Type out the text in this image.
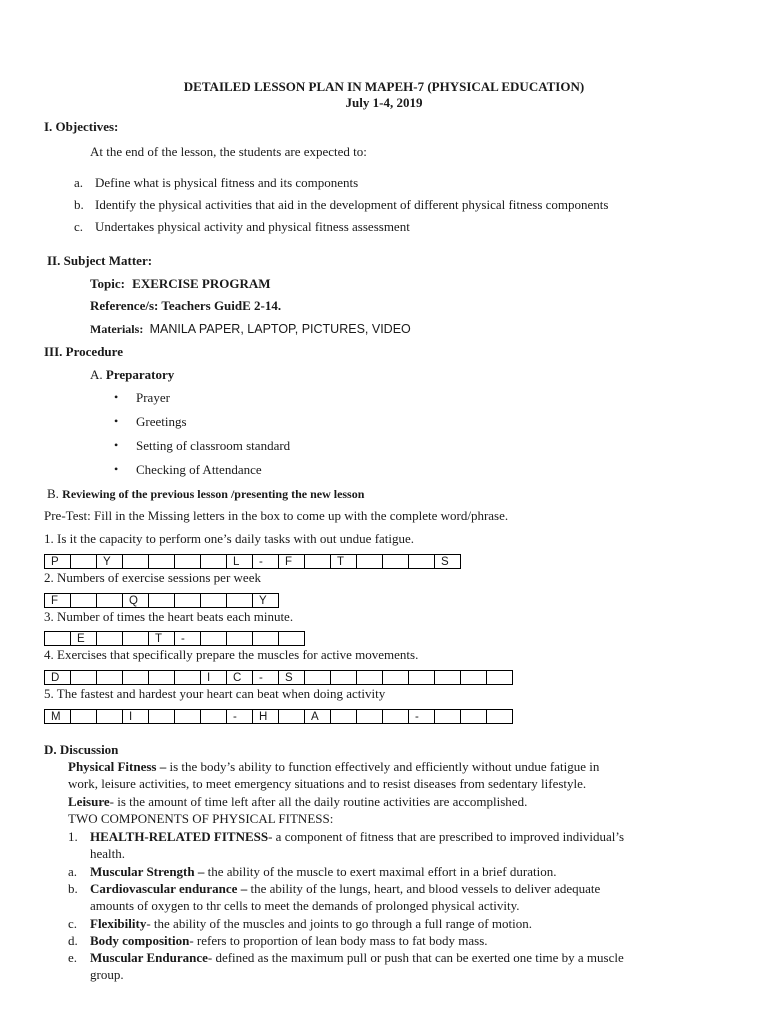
DETAILED LESSON PLAN IN MAPEH-7 (PHYSICAL EDUCATION)
July 1-4, 2019
I. Objectives:
At the end of the lesson, the students are expected to:
a. Define what is physical fitness and its components
b. Identify the physical activities that aid in the development of different physical fitness components
c. Undertakes physical activity and physical fitness assessment
II. Subject Matter:
Topic: EXERCISE PROGRAM
Reference/s: Teachers GuidE 2-14.
Materials: MANILA PAPER, LAPTOP, PICTURES, VIDEO
III. Procedure
A. Preparatory
• Prayer
• Greetings
• Setting of classroom standard
• Checking of Attendance
B. Reviewing of the previous lesson /presenting the new lesson
Pre-Test: Fill in the Missing letters in the box to come up with the complete word/phrase.
1. Is it the capacity to perform one’s daily tasks with out undue fatigue.
P	Y	L	-	F	T	S
2. Numbers of exercise sessions per week
F	Q	Y
3. Number of times the heart beats each minute.
E	T	-
4. Exercises that specifically prepare the muscles for active movements.
D	I	C	-	S
5. The fastest and hardest your heart can beat when doing activity
M	I	-	H	A	-
D. Discussion
Physical Fitness – is the body’s ability to function effectively and efficiently without undue fatigue in
work, leisure activities, to meet emergency situations and to resist diseases from sedentary lifestyle.
Leisure- is the amount of time left after all the daily routine activities are accomplished.
TWO COMPONENTS OF PHYSICAL FITNESS:
1. HEALTH-RELATED FITNESS- a component of fitness that are prescribed to improved individual’s
health.
a. Muscular Strength – the ability of the muscle to exert maximal effort in a brief duration.
b. Cardiovascular endurance – the ability of the lungs, heart, and blood vessels to deliver adequate
amounts of oxygen to thr cells to meet the demands of prolonged physical activity.
c. Flexibility- the ability of the muscles and joints to go through a full range of motion.
d. Body composition- refers to proportion of lean body mass to fat body mass.
e. Muscular Endurance- defined as the maximum pull or push that can be exerted one time by a muscle
group.
